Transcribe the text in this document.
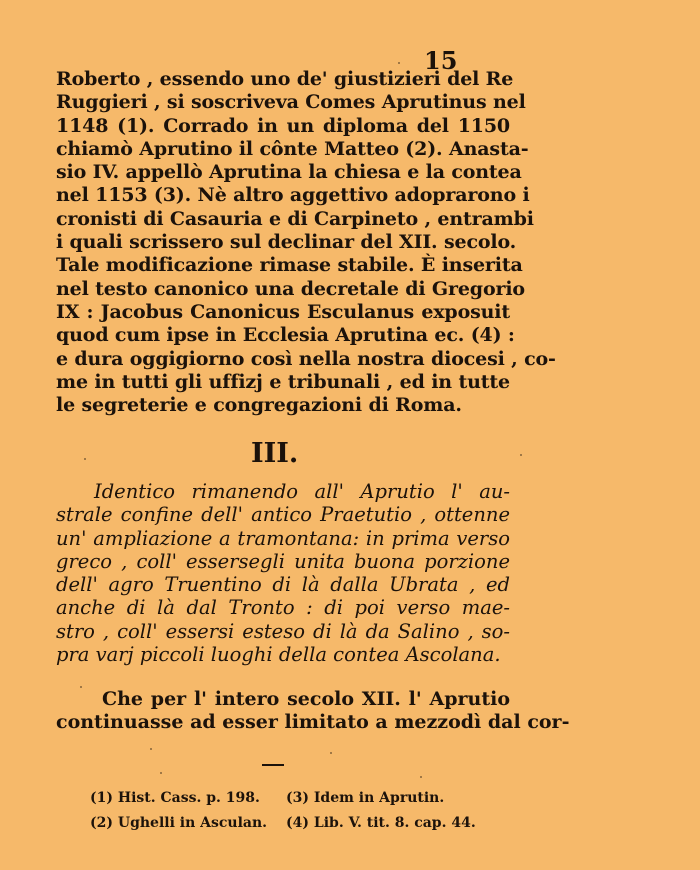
15
Roberto , essendo uno de' giustizieri del Re
Ruggieri , si soscriveva Comes Aprutinus nel
1148 (1). Corrado in un diploma del 1150
chiamò Aprutino il cônte Matteo (2). Anasta-
sio IV. appellò Aprutina la chiesa e la contea
nel 1153 (3). Nè altro aggettivo adoprarono i
cronisti di Casauria e di Carpineto , entrambi
i quali scrissero sul declinar del XII. secolo.
Tale modificazione rimase stabile. È inserita
nel testo canonico una decretale di Gregorio
IX : Jacobus Canonicus Esculanus exposuit
quod cum ipse in Ecclesia Aprutina ec. (4) :
e dura oggigiorno così nella nostra diocesi , co-
me in tutti gli uffizj e tribunali , ed in tutte
le segreterie e congregazioni di Roma.
III.
Identico rimanendo all' Aprutio l' au-
strale confine dell' antico Praetutio , ottenne
un' ampliazione a tramontana: in prima verso
greco , coll' essersegli unita buona porzione
dell' agro Truentino di là dalla Ubrata , ed
anche di là dal Tronto : di poi verso mae-
stro , coll' essersi esteso di là da Salino , so-
pra varj piccoli luoghi della contea Ascolana.
Che per l' intero secolo XII. l' Aprutio
continuasse ad esser limitato a mezzodì dal cor-
(1) Hist. Cass. p. 198.	(3) Idem in Aprutin.
(2) Ughelli in Asculan.	(4) Lib. V. tit. 8. cap. 44.
